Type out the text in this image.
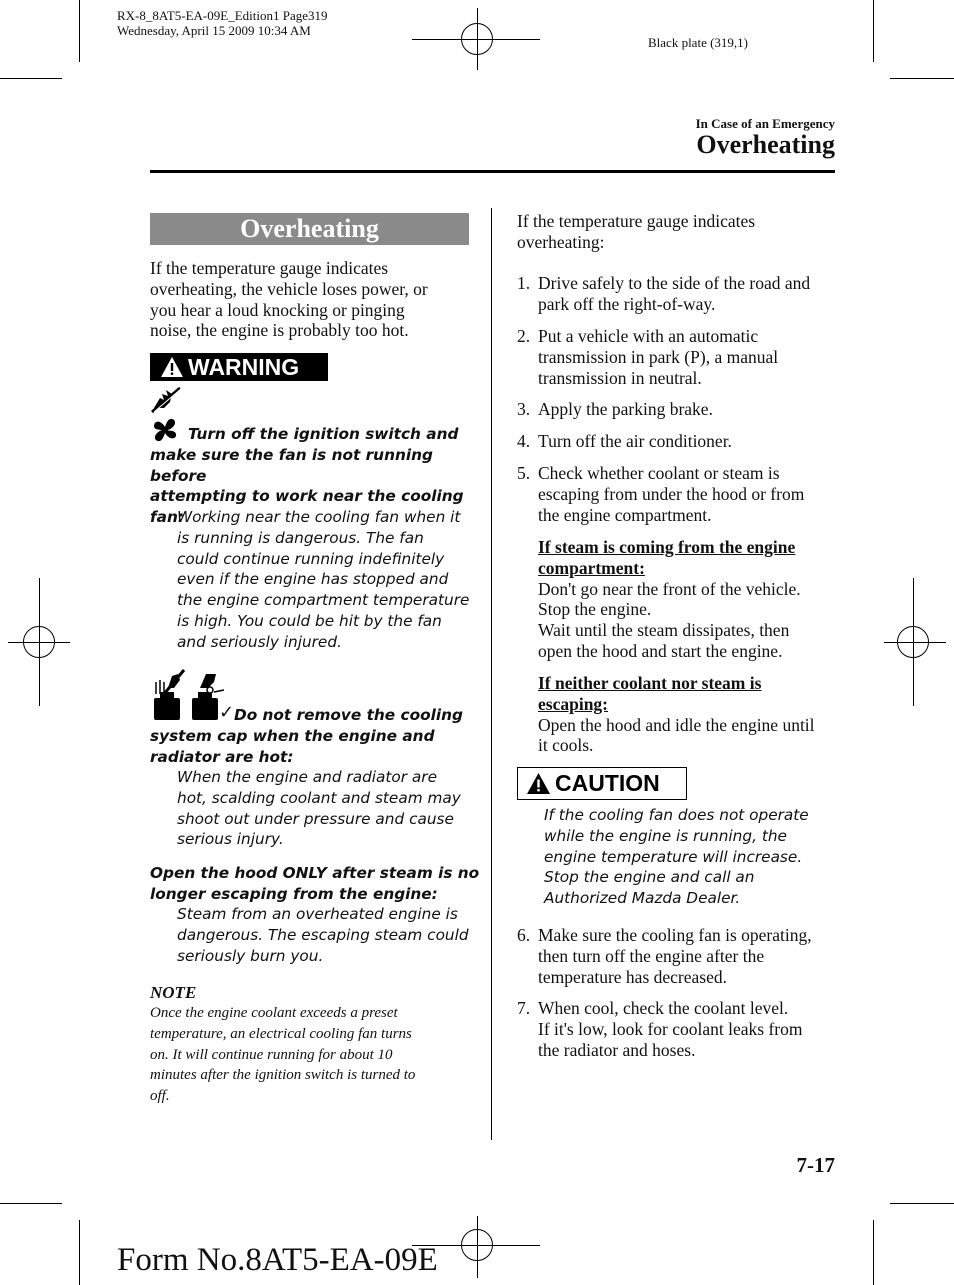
RX-8_8AT5-EA-09E_Edition1 Page319
Wednesday, April 15 2009 10:34 AM
Black plate (319,1)
In Case of an Emergency
Overheating
Overheating
If the temperature gauge indicates
overheating, the vehicle loses power, or
you hear a loud knocking or pinging
noise, the engine is probably too hot.
WARNING
Turn off the ignition switch and
make sure the fan is not running before
attempting to work near the cooling
fan:
Working near the cooling fan when it
is running is dangerous. The fan
could continue running indefinitely
even if the engine has stopped and
the engine compartment temperature
is high. You could be hit by the fan
and seriously injured.
✓ Do not remove the cooling
system cap when the engine and
radiator are hot:
When the engine and radiator are
hot, scalding coolant and steam may
shoot out under pressure and cause
serious injury.
Open the hood ONLY after steam is no
longer escaping from the engine:
Steam from an overheated engine is
dangerous. The escaping steam could
seriously burn you.
NOTE
Once the engine coolant exceeds a preset
temperature, an electrical cooling fan turns
on. It will continue running for about 10
minutes after the ignition switch is turned to
off.
If the temperature gauge indicates
overheating:
1. Drive safely to the side of the road and
park off the right-of-way.
2. Put a vehicle with an automatic
transmission in park (P), a manual
transmission in neutral.
3. Apply the parking brake.
4. Turn off the air conditioner.
5. Check whether coolant or steam is
escaping from under the hood or from
the engine compartment.
If steam is coming from the engine
compartment:
Don't go near the front of the vehicle.
Stop the engine.
Wait until the steam dissipates, then
open the hood and start the engine.
If neither coolant nor steam is
escaping:
Open the hood and idle the engine until
it cools.
CAUTION
If the cooling fan does not operate
while the engine is running, the
engine temperature will increase.
Stop the engine and call an
Authorized Mazda Dealer.
6. Make sure the cooling fan is operating,
then turn off the engine after the
temperature has decreased.
7. When cool, check the coolant level.
If it's low, look for coolant leaks from
the radiator and hoses.
7-17
Form No.8AT5-EA-09E
